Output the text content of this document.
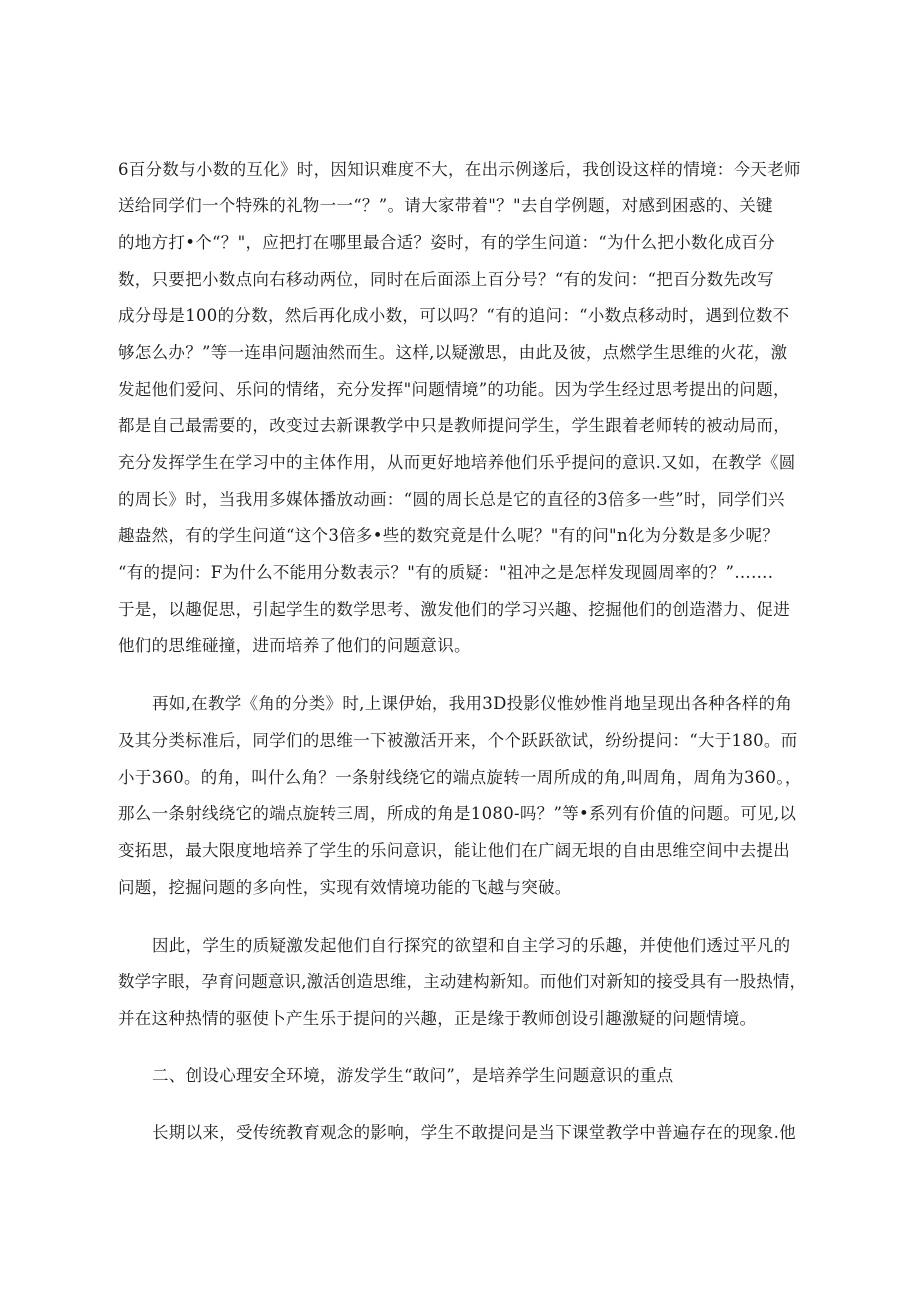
6百分数与小数的互化》时，因知识难度不大，在出示例遂后，我创设这样的情境：今天老师
送给同学们一个特殊的礼物一一“？”。请大家带着"？"去自学例题，对感到困惑的、关键
的地方打•个“？"，应把打在哪里最合适？姿时，有的学生问道：“为什么把小数化成百分
数，只要把小数点向右移动两位，同时在后面添上百分号？“有的发问：“把百分数先改写
成分母是100的分数，然后再化成小数，可以吗？“有的追问：“小数点移动时，遇到位数不
够怎么办？”等一连串问题油然而生。这样,以疑激思，由此及彼，点燃学生思维的火花，激
发起他们爱问、乐问的情绪，充分发挥"问题情境”的功能。因为学生经过思考提出的问题，
都是自己最需要的，改变过去新课教学中只是教师提问学生，学生跟着老师转的被动局而，
充分发挥学生在学习中的主体作用，从而更好地培养他们乐乎提问的意识.又如，在教学《圆
的周长》时，当我用多媒体播放动画：“圆的周长总是它的直径的3倍多一些”时，同学们兴
趣盎然，有的学生问道“这个3倍多•些的数究竟是什么呢？"有的问"n化为分数是多少呢？
“有的提问：F为什么不能用分数表示？"有的质疑："祖冲之是怎样发现圆周率的？”…….
于是，以趣促思，引起学生的数学思考、激发他们的学习兴趣、挖掘他们的创造潜力、促进
他们的思维碰撞，进而培养了他们的问题意识。
再如,在教学《角的分类》时,上课伊始，我用3D投影仪惟妙惟肖地呈现出各种各样的角
及其分类标准后，同学们的思维一下被激活开来，个个跃跃欲试，纷纷提问：“大于180。而
小于360。的角，叫什么角？一条射线绕它的端点旋转一周所成的角,叫周角，周角为360。，
那么一条射线绕它的端点旋转三周，所成的角是1080-吗？”等•系列有价值的问题。可见,以
变拓思，最大限度地培养了学生的乐问意识，能让他们在广阔无垠的自由思维空间中去提出
问题，挖掘问题的多向性，实现有效情境功能的飞越与突破。
因此，学生的质疑激发起他们自行探究的欲望和自主学习的乐趣，并使他们透过平凡的
数学字眼，孕育问题意识,激活创造思维，主动建构新知。而他们对新知的接受具有一股热情，
并在这种热情的驱使卜产生乐于提问的兴趣，正是缘于教师创设引趣激疑的问题情境。
二、创设心理安全环境，游发学生“敢问”，是培养学生问题意识的重点
长期以来，受传统教育观念的影响，学生不敢提问是当下课堂教学中普遍存在的现象.他
